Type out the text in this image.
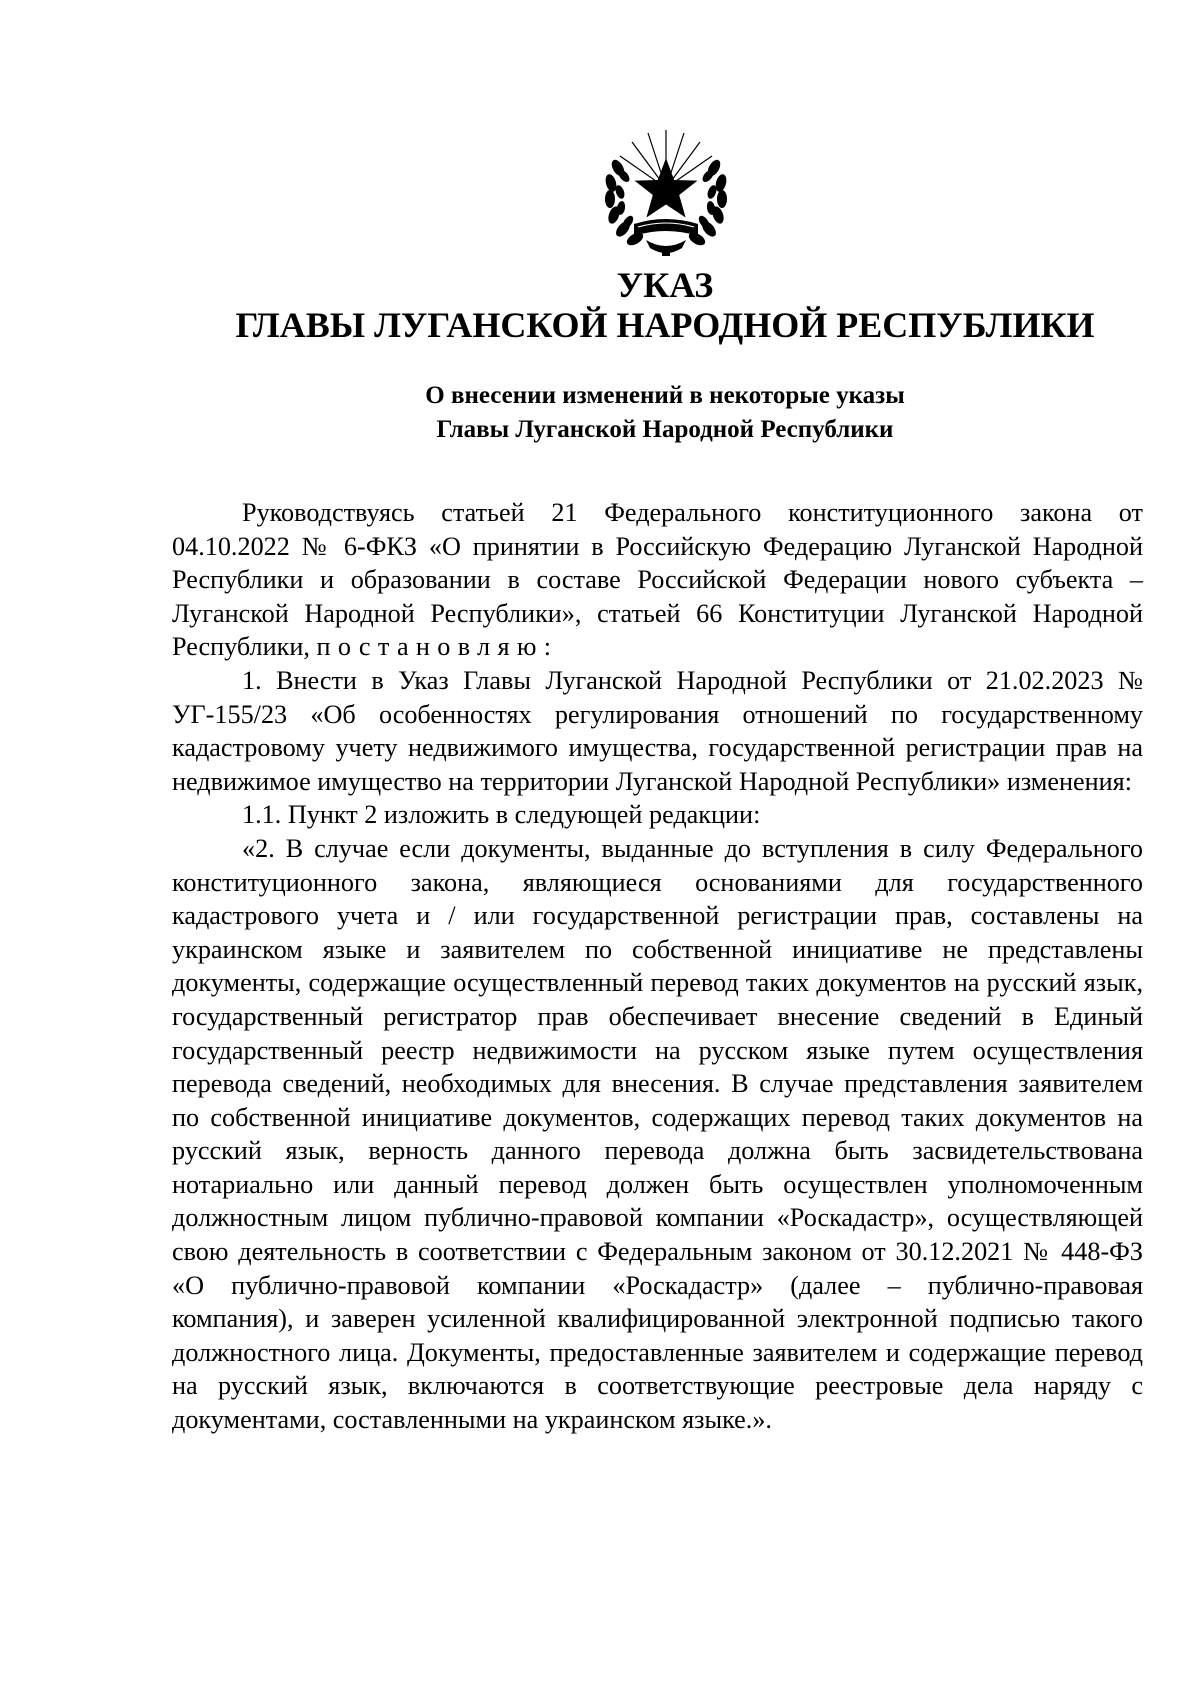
УКАЗ
ГЛАВЫ ЛУГАНСКОЙ НАРОДНОЙ РЕСПУБЛИКИ
О внесении изменений в некоторые указы
Главы Луганской Народной Республики

Руководствуясь статьей 21 Федерального конституционного закона от 04.10.2022 № 6-ФКЗ «О принятии в Российскую Федерацию Луганской Народной Республики и образовании в составе Российской Федерации нового субъекта – Луганской Народной Республики», статьей 66 Конституции Луганской Народной Республики, постановляю:

1. Внести в Указ Главы Луганской Народной Республики от 21.02.2023 № УГ-155/23 «Об особенностях регулирования отношений по государственному кадастровому учету недвижимого имущества, государственной регистрации прав на недвижимое имущество на территории Луганской Народной Республики» изменения:

1.1. Пункт 2 изложить в следующей редакции:

«2. В случае если документы, выданные до вступления в силу Федерального конституционного закона, являющиеся основаниями для государственного кадастрового учета и / или государственной регистрации прав, составлены на украинском языке и заявителем по собственной инициативе не представлены документы, содержащие осуществленный перевод таких документов на русский язык, государственный регистратор прав обеспечивает внесение сведений в Единый государственный реестр недвижимости на русском языке путем осуществления перевода сведений, необходимых для внесения. В случае представления заявителем по собственной инициативе документов, содержащих перевод таких документов на русский язык, верность данного перевода должна быть засвидетельствована нотариально или данный перевод должен быть осуществлен уполномоченным должностным лицом публично-правовой компании «Роскадастр», осуществляющей свою деятельность в соответствии с Федеральным законом от 30.12.2021 № 448-ФЗ «О публично-правовой компании «Роскадастр» (далее – публично-правовая компания), и заверен усиленной квалифицированной электронной подписью такого должностного лица. Документы, предоставленные заявителем и содержащие перевод на русский язык, включаются в соответствующие реестровые дела наряду с документами, составленными на украинском языке.».
